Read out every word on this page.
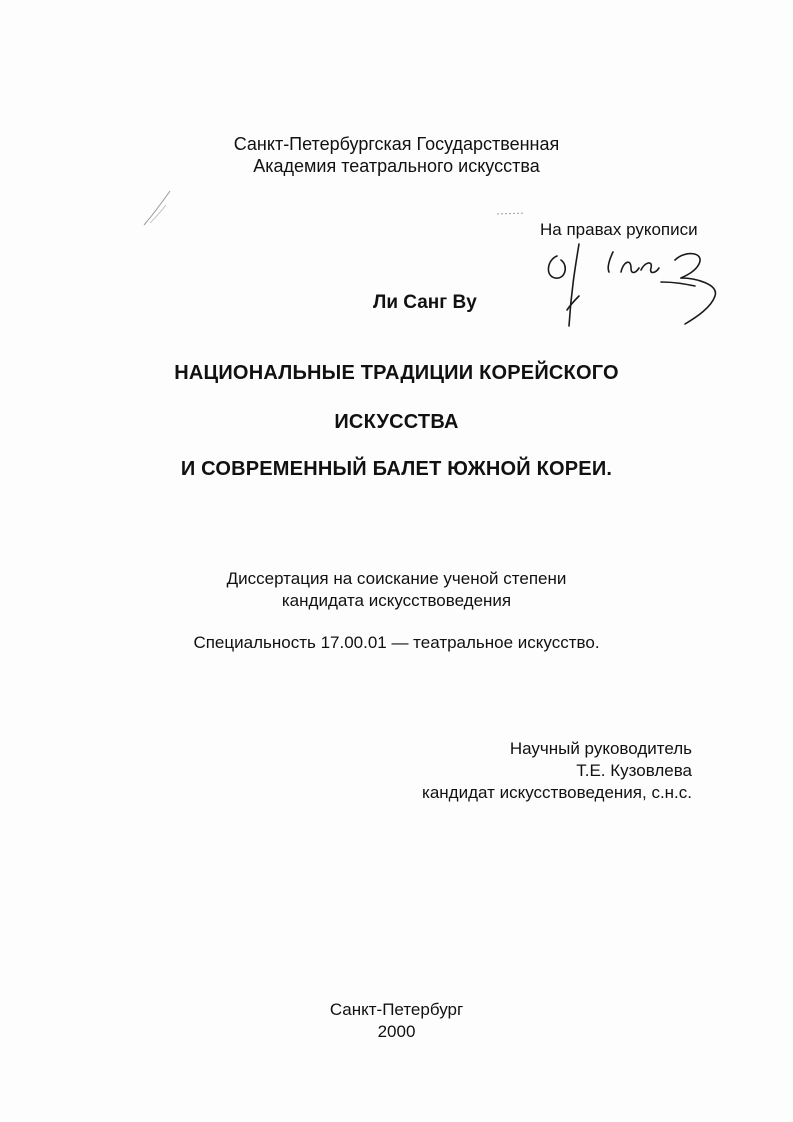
Санкт-Петербургская Государственная
Академия театрального искусства
На правах рукописи
Ли Санг Ву
НАЦИОНАЛЬНЫЕ ТРАДИЦИИ КОРЕЙСКОГО
ИСКУССТВА
И СОВРЕМЕННЫЙ БАЛЕТ ЮЖНОЙ КОРЕИ.
Диссертация на соискание ученой степени
кандидата искусствоведения
Специальность 17.00.01 — театральное искусство.
Научный руководитель
Т.Е. Кузовлева
кандидат искусствоведения, с.н.с.
Санкт-Петербург
2000
